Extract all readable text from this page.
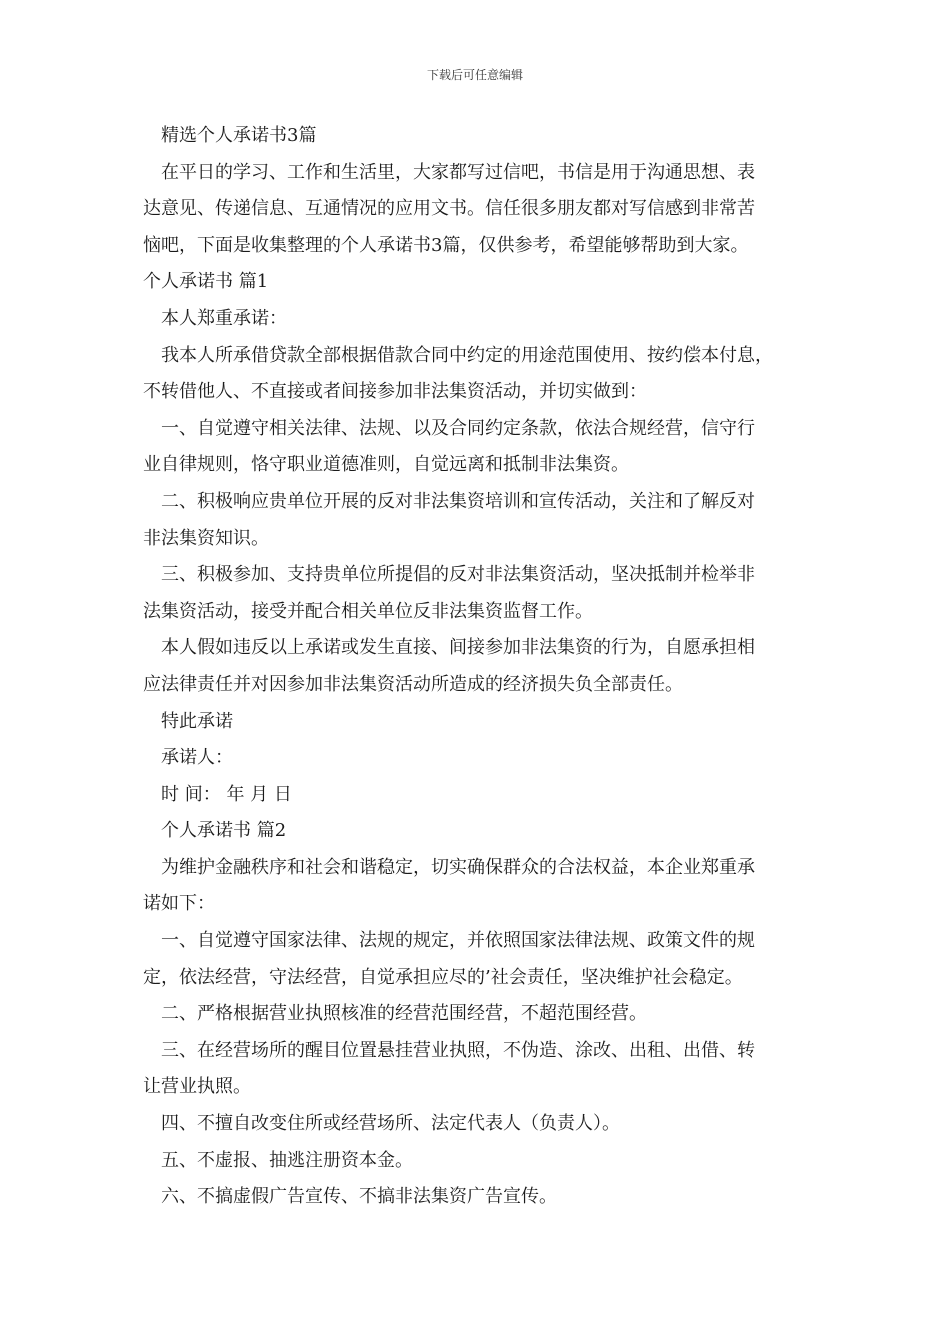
下载后可任意编辑
精选个人承诺书3篇
在平日的学习、工作和生活里，大家都写过信吧，书信是用于沟通思想、表
达意见、传递信息、互通情况的应用文书。信任很多朋友都对写信感到非常苦
恼吧，下面是收集整理的个人承诺书3篇，仅供参考，希望能够帮助到大家。
个人承诺书 篇1
本人郑重承诺：
我本人所承借贷款全部根据借款合同中约定的用途范围使用、按约偿本付息，
不转借他人、不直接或者间接参加非法集资活动，并切实做到：
一、自觉遵守相关法律、法规、以及合同约定条款，依法合规经营，信守行
业自律规则，恪守职业道德准则，自觉远离和抵制非法集资。
二、积极响应贵单位开展的反对非法集资培训和宣传活动，关注和了解反对
非法集资知识。
三、积极参加、支持贵单位所提倡的反对非法集资活动，坚决抵制并检举非
法集资活动，接受并配合相关单位反非法集资监督工作。
本人假如违反以上承诺或发生直接、间接参加非法集资的行为，自愿承担相
应法律责任并对因参加非法集资活动所造成的经济损失负全部责任。
特此承诺
承诺人：
时 间： 年 月 日
个人承诺书 篇2
为维护金融秩序和社会和谐稳定，切实确保群众的合法权益，本企业郑重承
诺如下：
一、自觉遵守国家法律、法规的规定，并依照国家法律法规、政策文件的规
定，依法经营，守法经营，自觉承担应尽的’社会责任，坚决维护社会稳定。
二、严格根据营业执照核准的经营范围经营，不超范围经营。
三、在经营场所的醒目位置悬挂营业执照，不伪造、涂改、出租、出借、转
让营业执照。
四、不擅自改变住所或经营场所、法定代表人（负责人）。
五、不虚报、抽逃注册资本金。
六、不搞虚假广告宣传、不搞非法集资广告宣传。
